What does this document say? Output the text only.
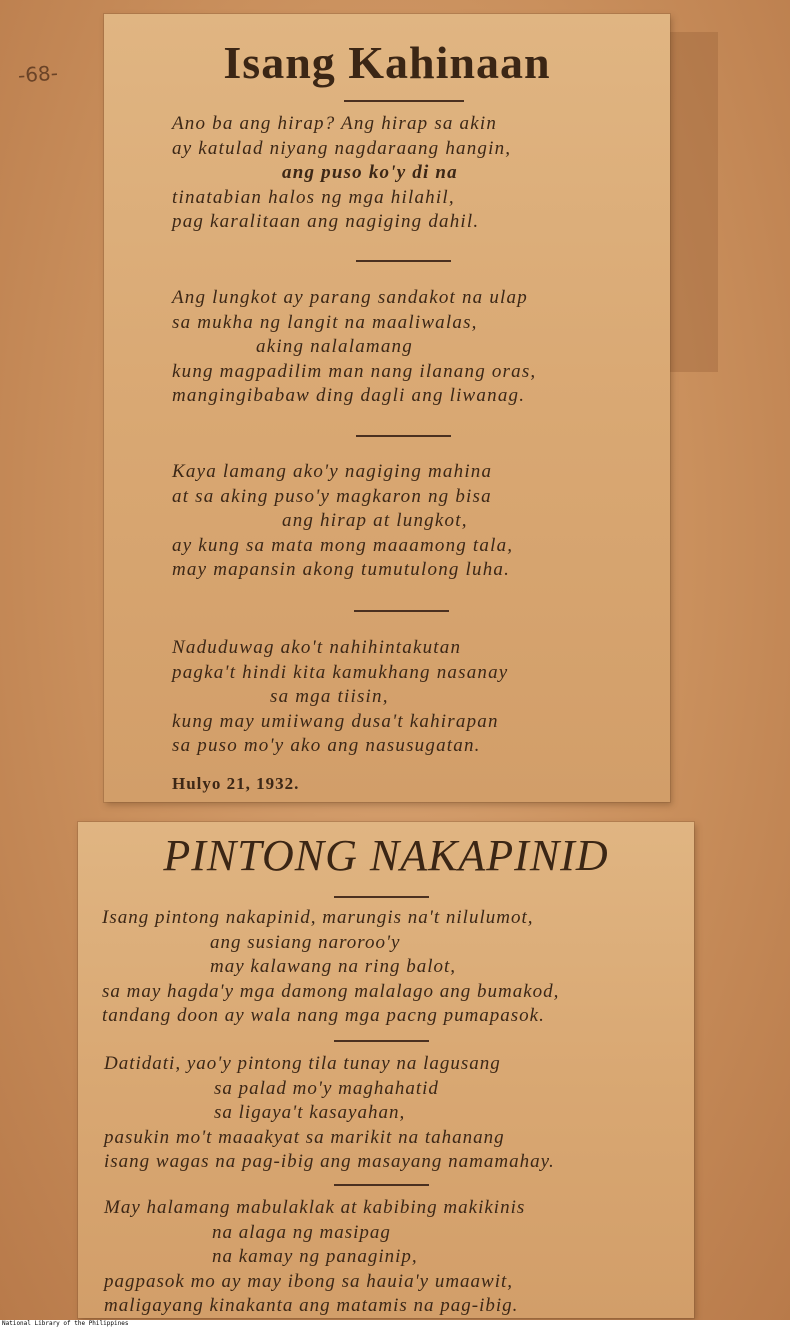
-68-	Isang Kahinaan
Ano ba ang hirap? Ang hirap sa akin
ay katulad niyang nagdaraang hangin,
ang puso ko'y di na
tinatabian halos ng mga hilahil,
pag karalitaan ang nagiging dahil.
Ang lungkot ay parang sandakot na ulap
sa mukha ng langit na maaliwalas,
aking nalalamang
kung magpadilim man nang ilanang oras,
mangingibabaw ding dagli ang liwanag.
Kaya lamang ako'y nagiging mahina
at sa aking puso'y magkaron ng bisa
ang hirap at lungkot,
ay kung sa mata mong maaamong tala,
may mapansin akong tumutulong luha.
Naduduwag ako't nahihintakutan
pagka't hindi kita kamukhang nasanay
sa mga tiisin,
kung may umiiwang dusa't kahirapan
sa puso mo'y ako ang nasusugatan.
Hulyo 21, 1932.
PINTONG NAKAPINID
Isang pintong nakapinid, marungis na't nilulumot,
ang susiang naroroo'y
may kalawang na ring balot,
sa may hagda'y mga damong malalago ang bumakod,
tandang doon ay wala nang mga pacng pumapasok.
Datidati, yao'y pintong tila tunay na lagusang
sa palad mo'y maghahatid
sa ligaya't kasayahan,
pasukin mo't maaakyat sa marikit na tahanang
isang wagas na pag-ibig ang masayang namamahay.
May halamang mabulaklak at kabibing makikinis
na alaga ng masipag
na kamay ng panaginip,
pagpasok mo ay may ibong sa hauia'y umaawit,
maligayang kinakanta ang matamis na pag-ibig.
National Library of the Philippines
